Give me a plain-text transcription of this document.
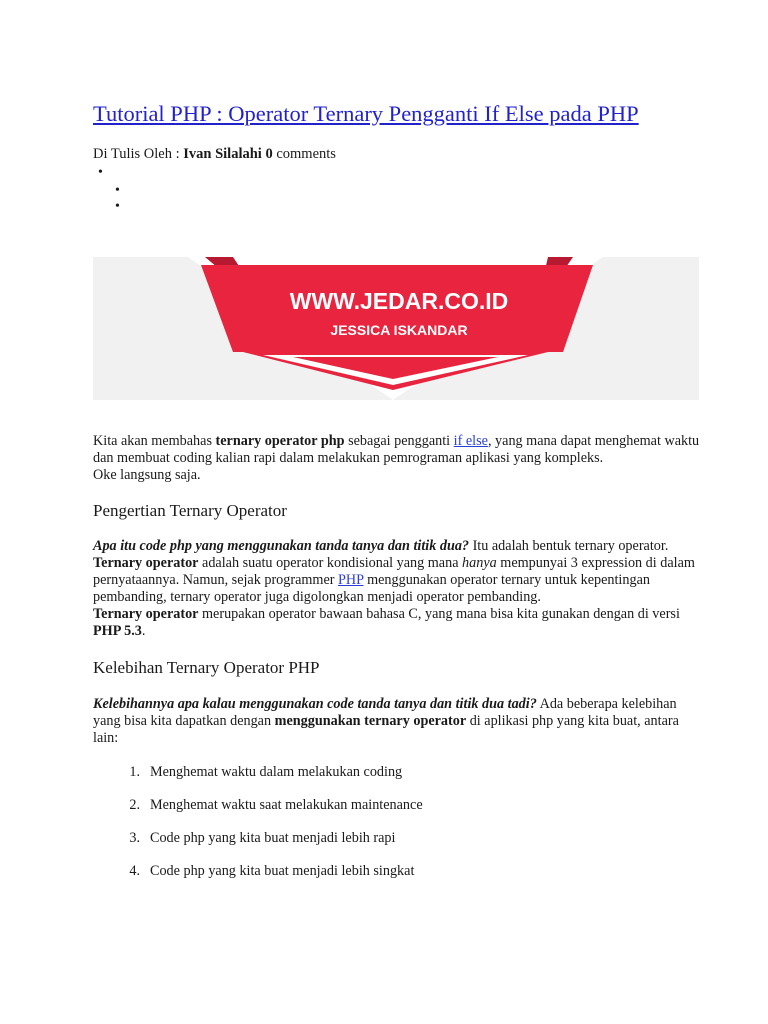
Tutorial PHP : Operator Ternary Pengganti If Else pada PHP
Di Tulis Oleh : Ivan Silalahi 0 comments
•
•
•
WWW.JEDAR.CO.ID
JESSICA ISKANDAR

Kita akan membahas ternary operator php sebagai pengganti if else, yang mana dapat menghemat waktu dan membuat coding kalian rapi dalam melakukan pemrograman aplikasi yang kompleks.
Oke langsung saja.

Pengertian Ternary Operator

Apa itu code php yang menggunakan tanda tanya dan titik dua? Itu adalah bentuk ternary operator. Ternary operator adalah suatu operator kondisional yang mana hanya mempunyai 3 expression di dalam pernyataannya. Namun, sejak programmer PHP menggunakan operator ternary untuk kepentingan pembanding, ternary operator juga digolongkan menjadi operator pembanding.
Ternary operator merupakan operator bawaan bahasa C, yang mana bisa kita gunakan dengan di versi PHP 5.3.

Kelebihan Ternary Operator PHP

Kelebihannya apa kalau menggunakan code tanda tanya dan titik dua tadi? Ada beberapa kelebihan yang bisa kita dapatkan dengan menggunakan ternary operator di aplikasi php yang kita buat, antara lain:

1. Menghemat waktu dalam melakukan coding
2. Menghemat waktu saat melakukan maintenance
3. Code php yang kita buat menjadi lebih rapi
4. Code php yang kita buat menjadi lebih singkat
